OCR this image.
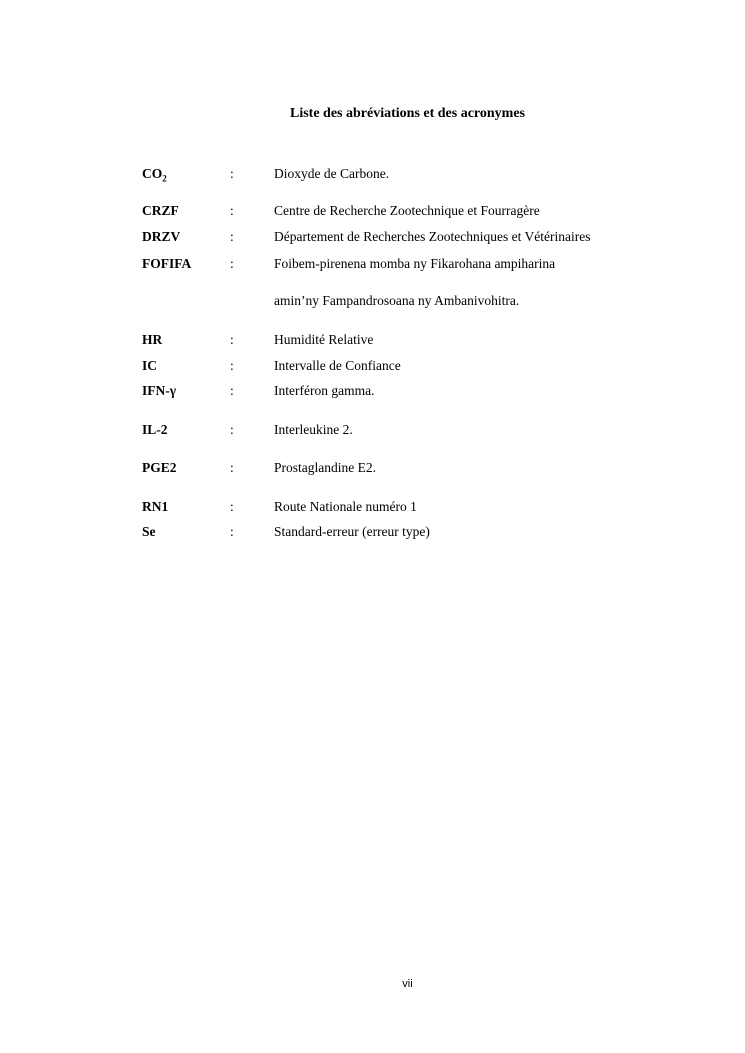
Liste des abréviations et des acronymes
$CO_2$	:	Dioxyde de Carbone.
CRZF	:	Centre de Recherche Zootechnique et Fourragère
DRZV	:	Département de Recherches Zootechniques et Vétérinaires
FOFIFA	:	Foibem-pirenena momba ny Fikarohana ampiharina
amin’ny Fampandrosoana ny Ambanivohitra.
HR	:	Humidité Relative
IC	:	Intervalle de Confiance
IFN-γ	:	Interféron gamma.
IL-2	:	Interleukine 2.
PGE2	:	Prostaglandine E2.
RN1	:	Route Nationale numéro 1
Se	:	Standard-erreur (erreur type)
vii
